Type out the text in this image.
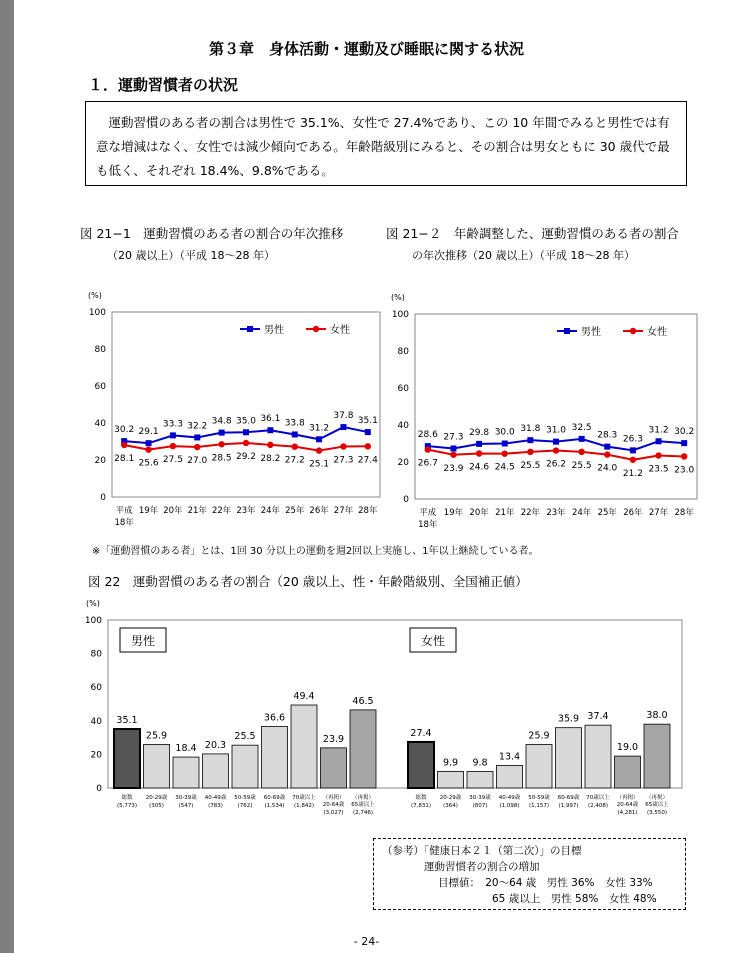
第３章　身体活動・運動及び睡眠に関する状況
１．運動習慣者の状況
運動習慣のある者の割合は男性で 35.1%、女性で 27.4%であり、この 10 年間でみると男性では有意な増減はなく、女性では減少傾向である。年齢階級別にみると、その割合は男女ともに 30 歳代で最も低く、それぞれ 18.4%、9.8%である。
図 21−1　運動習慣のある者の割合の年次推移
（20 歳以上）（平成 18〜28 年）
図 21−２　年齢調整した、運動習慣のある者の割合
の年次推移（20 歳以上）（平成 18〜28 年）
(%)
0
20
40
60
80
100
平成
18年
19年 20年 21年 22年 23年 24年 25年 26年 27年 28年
30.2 29.1
33.3 32.2 34.8 35.0 36.1 33.8 31.2
37.8 35.1
28.1 25.6 27.5 27.0 28.5 29.2 28.2 27.2 25.1 27.3 27.4
男性	女性
(%)
0
20
40
60
80
100
平成
18年
19年 20年 21年 22年 23年 24年 25年 26年 27年 28年
28.6 27.3 29.8 30.0 31.8 31.0 32.5
28.3 26.3
31.2 30.2
26.7
23.9 24.6 24.5 25.5 26.2 25.5 24.0
21.2 23.5 23.0
男性	女性
※「運動習慣のある者」とは、1回 30 分以上の運動を週2回以上実施し、1年以上継続している者。
図 22　運動習慣のある者の割合（20 歳以上、性・年齢階級別、全国補正値）
(%)
0
20
40
60
80
100
男性
35.1
総数
(5,773)
25.9
20-29歳
(305)
18.4
30-39歳
(547)
20.3
40-49歳
(783)
25.5
50-59歳
(762)
36.6
60-69歳
(1,534)
49.4
70歳以上
(1,842)
23.9
（再掲）
20-64歳
(3,027)
46.5
（再掲）
65歳以上
(2,746)
女性
27.4
総数
(7,831)
9.9
20-29歳
(364)
9.8
30-39歳
(807)
13.4
40-49歳
(1,098)
25.9
50-59歳
(1,157)
35.9
60-69歳
(1,997)
37.4
70歳以上
(2,408)
19.0
（再掲）
20-64歳
(4,281)
38.0
（再掲）
65歳以上
(3,550)
（参考）「健康日本２１（第二次）」の目標
運動習慣者の割合の増加
目標値：　20〜64 歳　男性 36%　女性 33%
65 歳以上　男性 58%　女性 48%
- 24-
